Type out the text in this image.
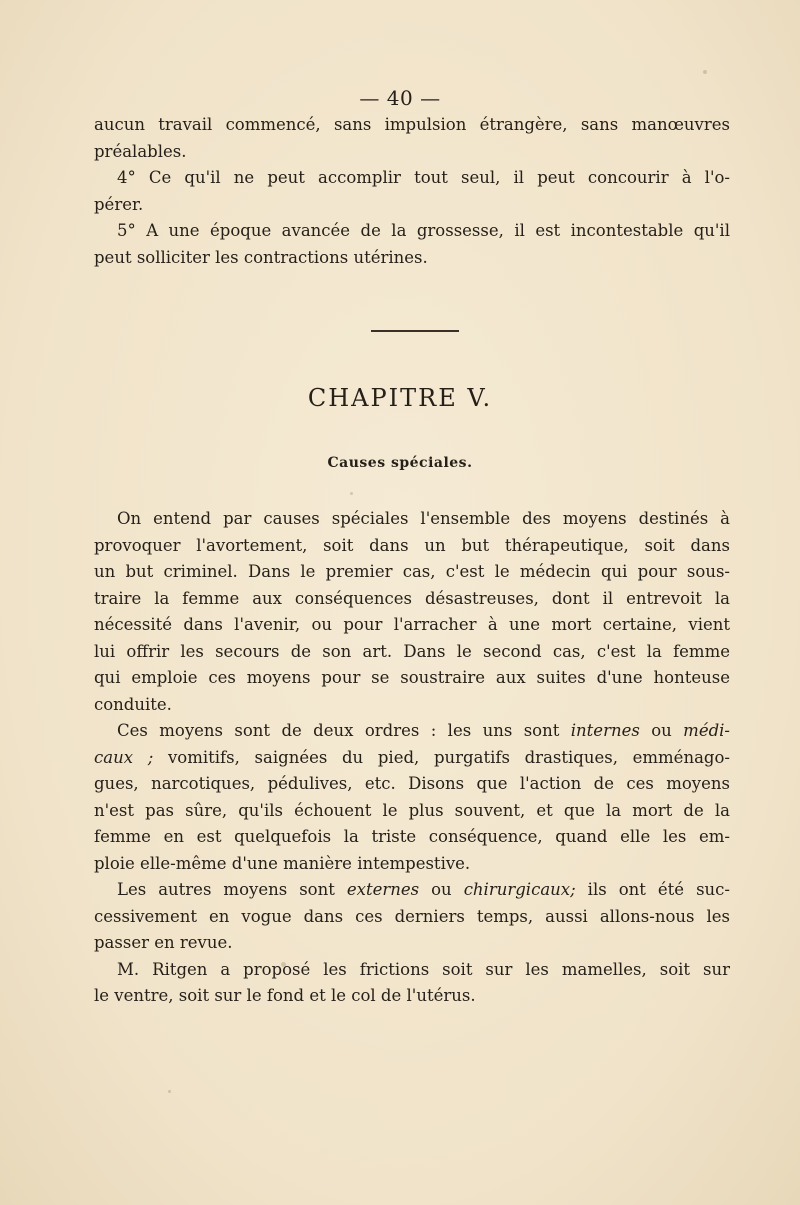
— 40 —
aucun travail commencé, sans impulsion étrangère, sans manœuvres
préalables.
4° Ce qu'il ne peut accomplir tout seul, il peut concourir à l'o-
pérer.
5° A une époque avancée de la grossesse, il est incontestable qu'il
peut solliciter les contractions utérines.
CHAPITRE V.
Causes spéciales.
On entend par causes spéciales l'ensemble des moyens destinés à
provoquer l'avortement, soit dans un but thérapeutique, soit dans
un but criminel. Dans le premier cas, c'est le médecin qui pour sous-
traire la femme aux conséquences désastreuses, dont il entrevoit la
nécessité dans l'avenir, ou pour l'arracher à une mort certaine, vient
lui offrir les secours de son art. Dans le second cas, c'est la femme
qui emploie ces moyens pour se soustraire aux suites d'une honteuse
conduite.
Ces moyens sont de deux ordres : les uns sont internes ou médi-
caux ; vomitifs, saignées du pied, purgatifs drastiques, emménago-
gues, narcotiques, pédulives, etc. Disons que l'action de ces moyens
n'est pas sûre, qu'ils échouent le plus souvent, et que la mort de la
femme en est quelquefois la triste conséquence, quand elle les em-
ploie elle-même d'une manière intempestive.
Les autres moyens sont externes ou chirurgicaux; ils ont été suc-
cessivement en vogue dans ces derniers temps, aussi allons-nous les
passer en revue.
M. Ritgen a proposé les frictions soit sur les mamelles, soit sur
le ventre, soit sur le fond et le col de l'utérus.
